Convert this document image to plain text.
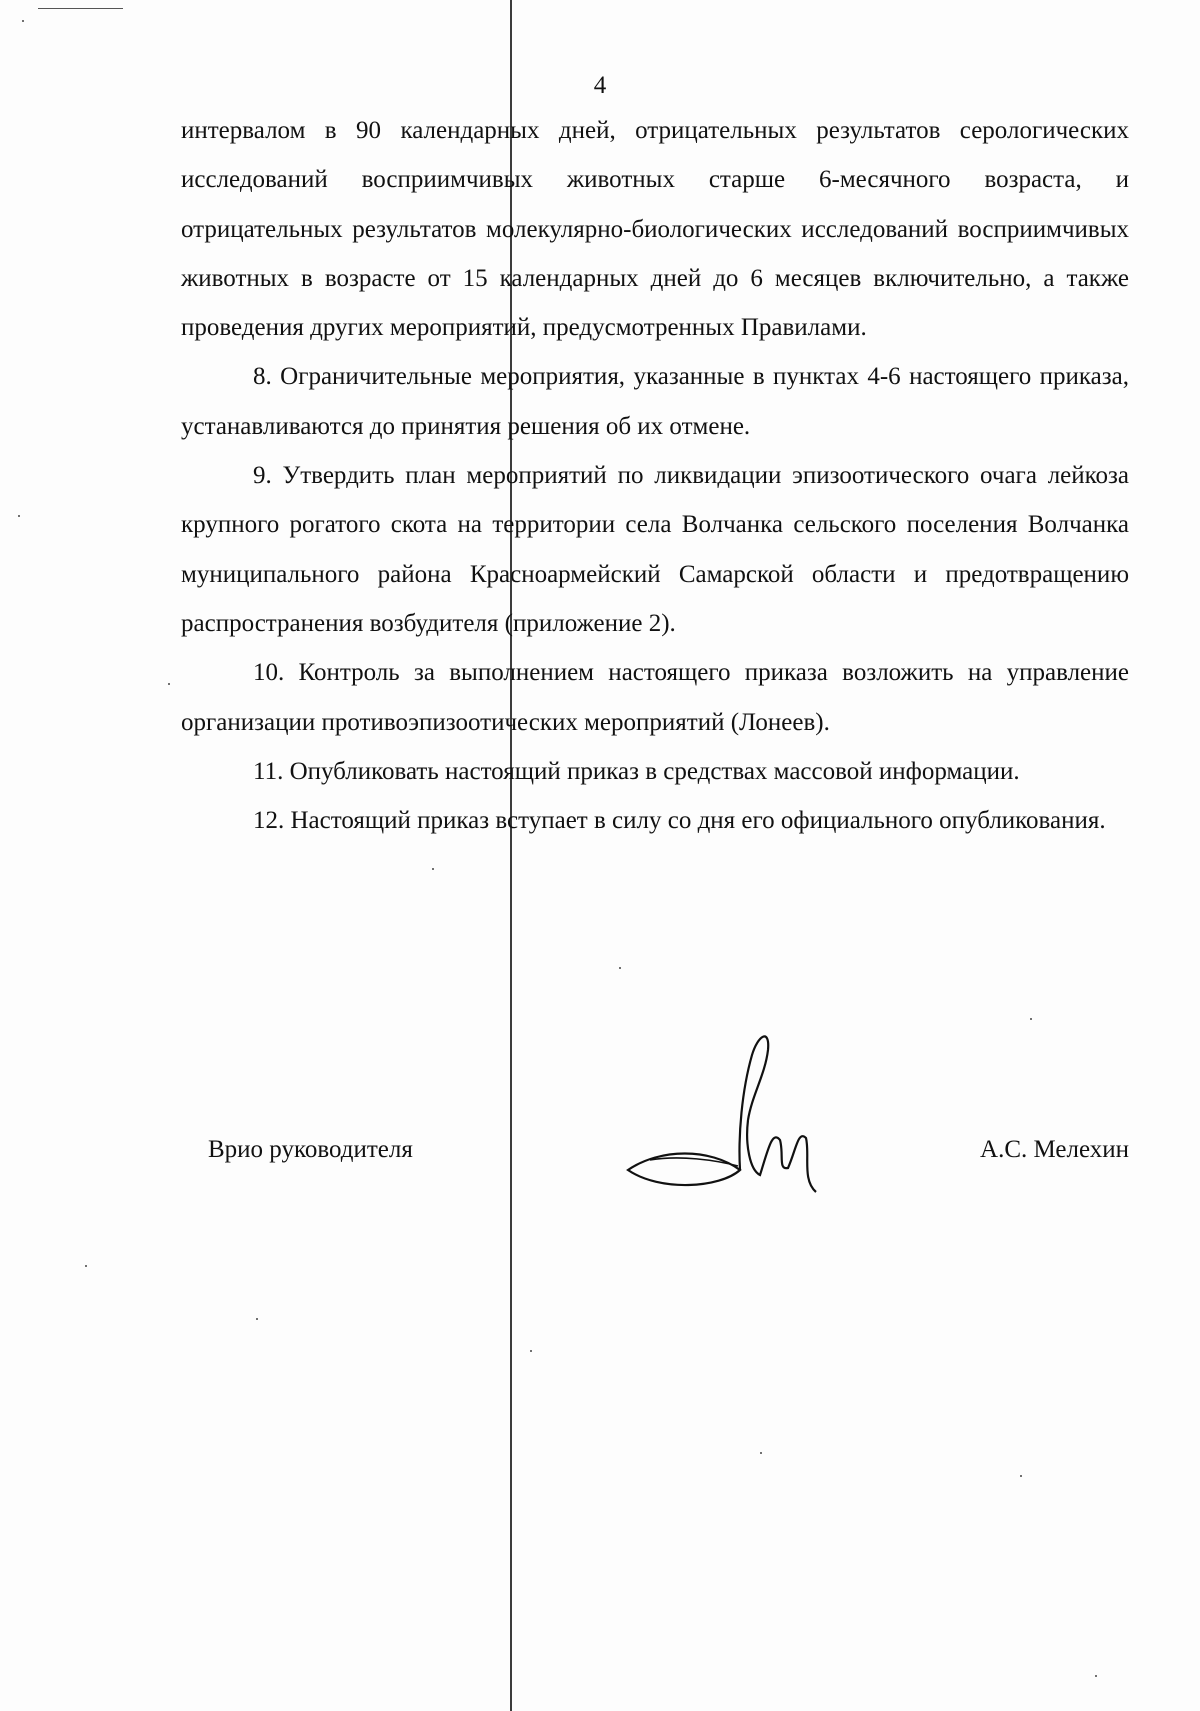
4

интервалом в 90 календарных дней, отрицательных результатов серологических исследований восприимчивых животных старше 6-месячного возраста, и отрицательных результатов молекулярно-биологических исследований восприимчивых животных в возрасте от 15 календарных дней до 6 месяцев включительно, а также проведения других мероприятий, предусмотренных Правилами.

8. Ограничительные мероприятия, указанные в пунктах 4-6 настоящего приказа, устанавливаются до принятия решения об их отмене.

9. Утвердить план мероприятий по ликвидации эпизоотического очага лейкоза крупного рогатого скота на территории села Волчанка сельского поселения Волчанка муниципального района Красноармейский Самарской области и предотвращению распространения возбудителя (приложение 2).

10. Контроль за выполнением настоящего приказа возложить на управление организации противоэпизоотических мероприятий (Лонеев).

11. Опубликовать настоящий приказ в средствах массовой информации.

12. Настоящий приказ вступает в силу со дня его официального опубликования.

Врио руководителя	А.С. Мелехин
